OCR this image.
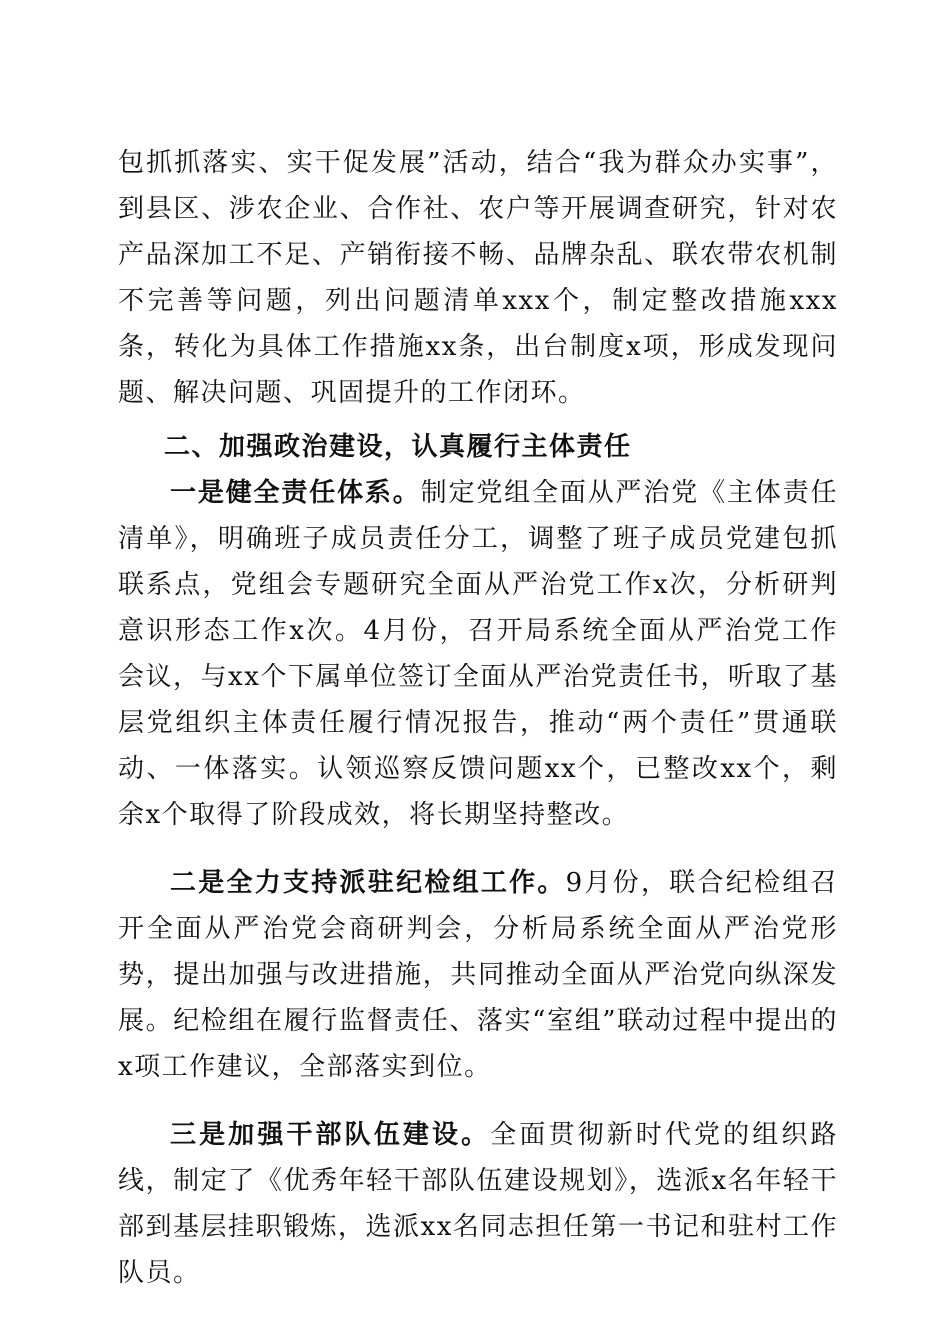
包抓抓落实、实干促发展”活动，结合“我为群众办实事”，到县区、涉农企业、合作社、农户等开展调查研究，针对农产品深加工不足、产销衔接不畅、品牌杂乱、联农带农机制不完善等问题，列出问题清单xxx个，制定整改措施xxx条，转化为具体工作措施xx条，出台制度x项，形成发现问题、解决问题、巩固提升的工作闭环。

二、加强政治建设，认真履行主体责任

一是健全责任体系。制定党组全面从严治党《主体责任清单》，明确班子成员责任分工，调整了班子成员党建包抓联系点，党组会专题研究全面从严治党工作x次，分析研判意识形态工作x次。4月份，召开局系统全面从严治党工作会议，与xx个下属单位签订全面从严治党责任书，听取了基层党组织主体责任履行情况报告，推动“两个责任”贯通联动、一体落实。认领巡察反馈问题xx个，已整改xx个，剩余x个取得了阶段成效，将长期坚持整改。

二是全力支持派驻纪检组工作。9月份，联合纪检组召开全面从严治党会商研判会，分析局系统全面从严治党形势，提出加强与改进措施，共同推动全面从严治党向纵深发展。纪检组在履行监督责任、落实“室组”联动过程中提出的x项工作建议，全部落实到位。

三是加强干部队伍建设。全面贯彻新时代党的组织路线，制定了《优秀年轻干部队伍建设规划》，选派x名年轻干部到基层挂职锻炼，选派xx名同志担任第一书记和驻村工作队员。
